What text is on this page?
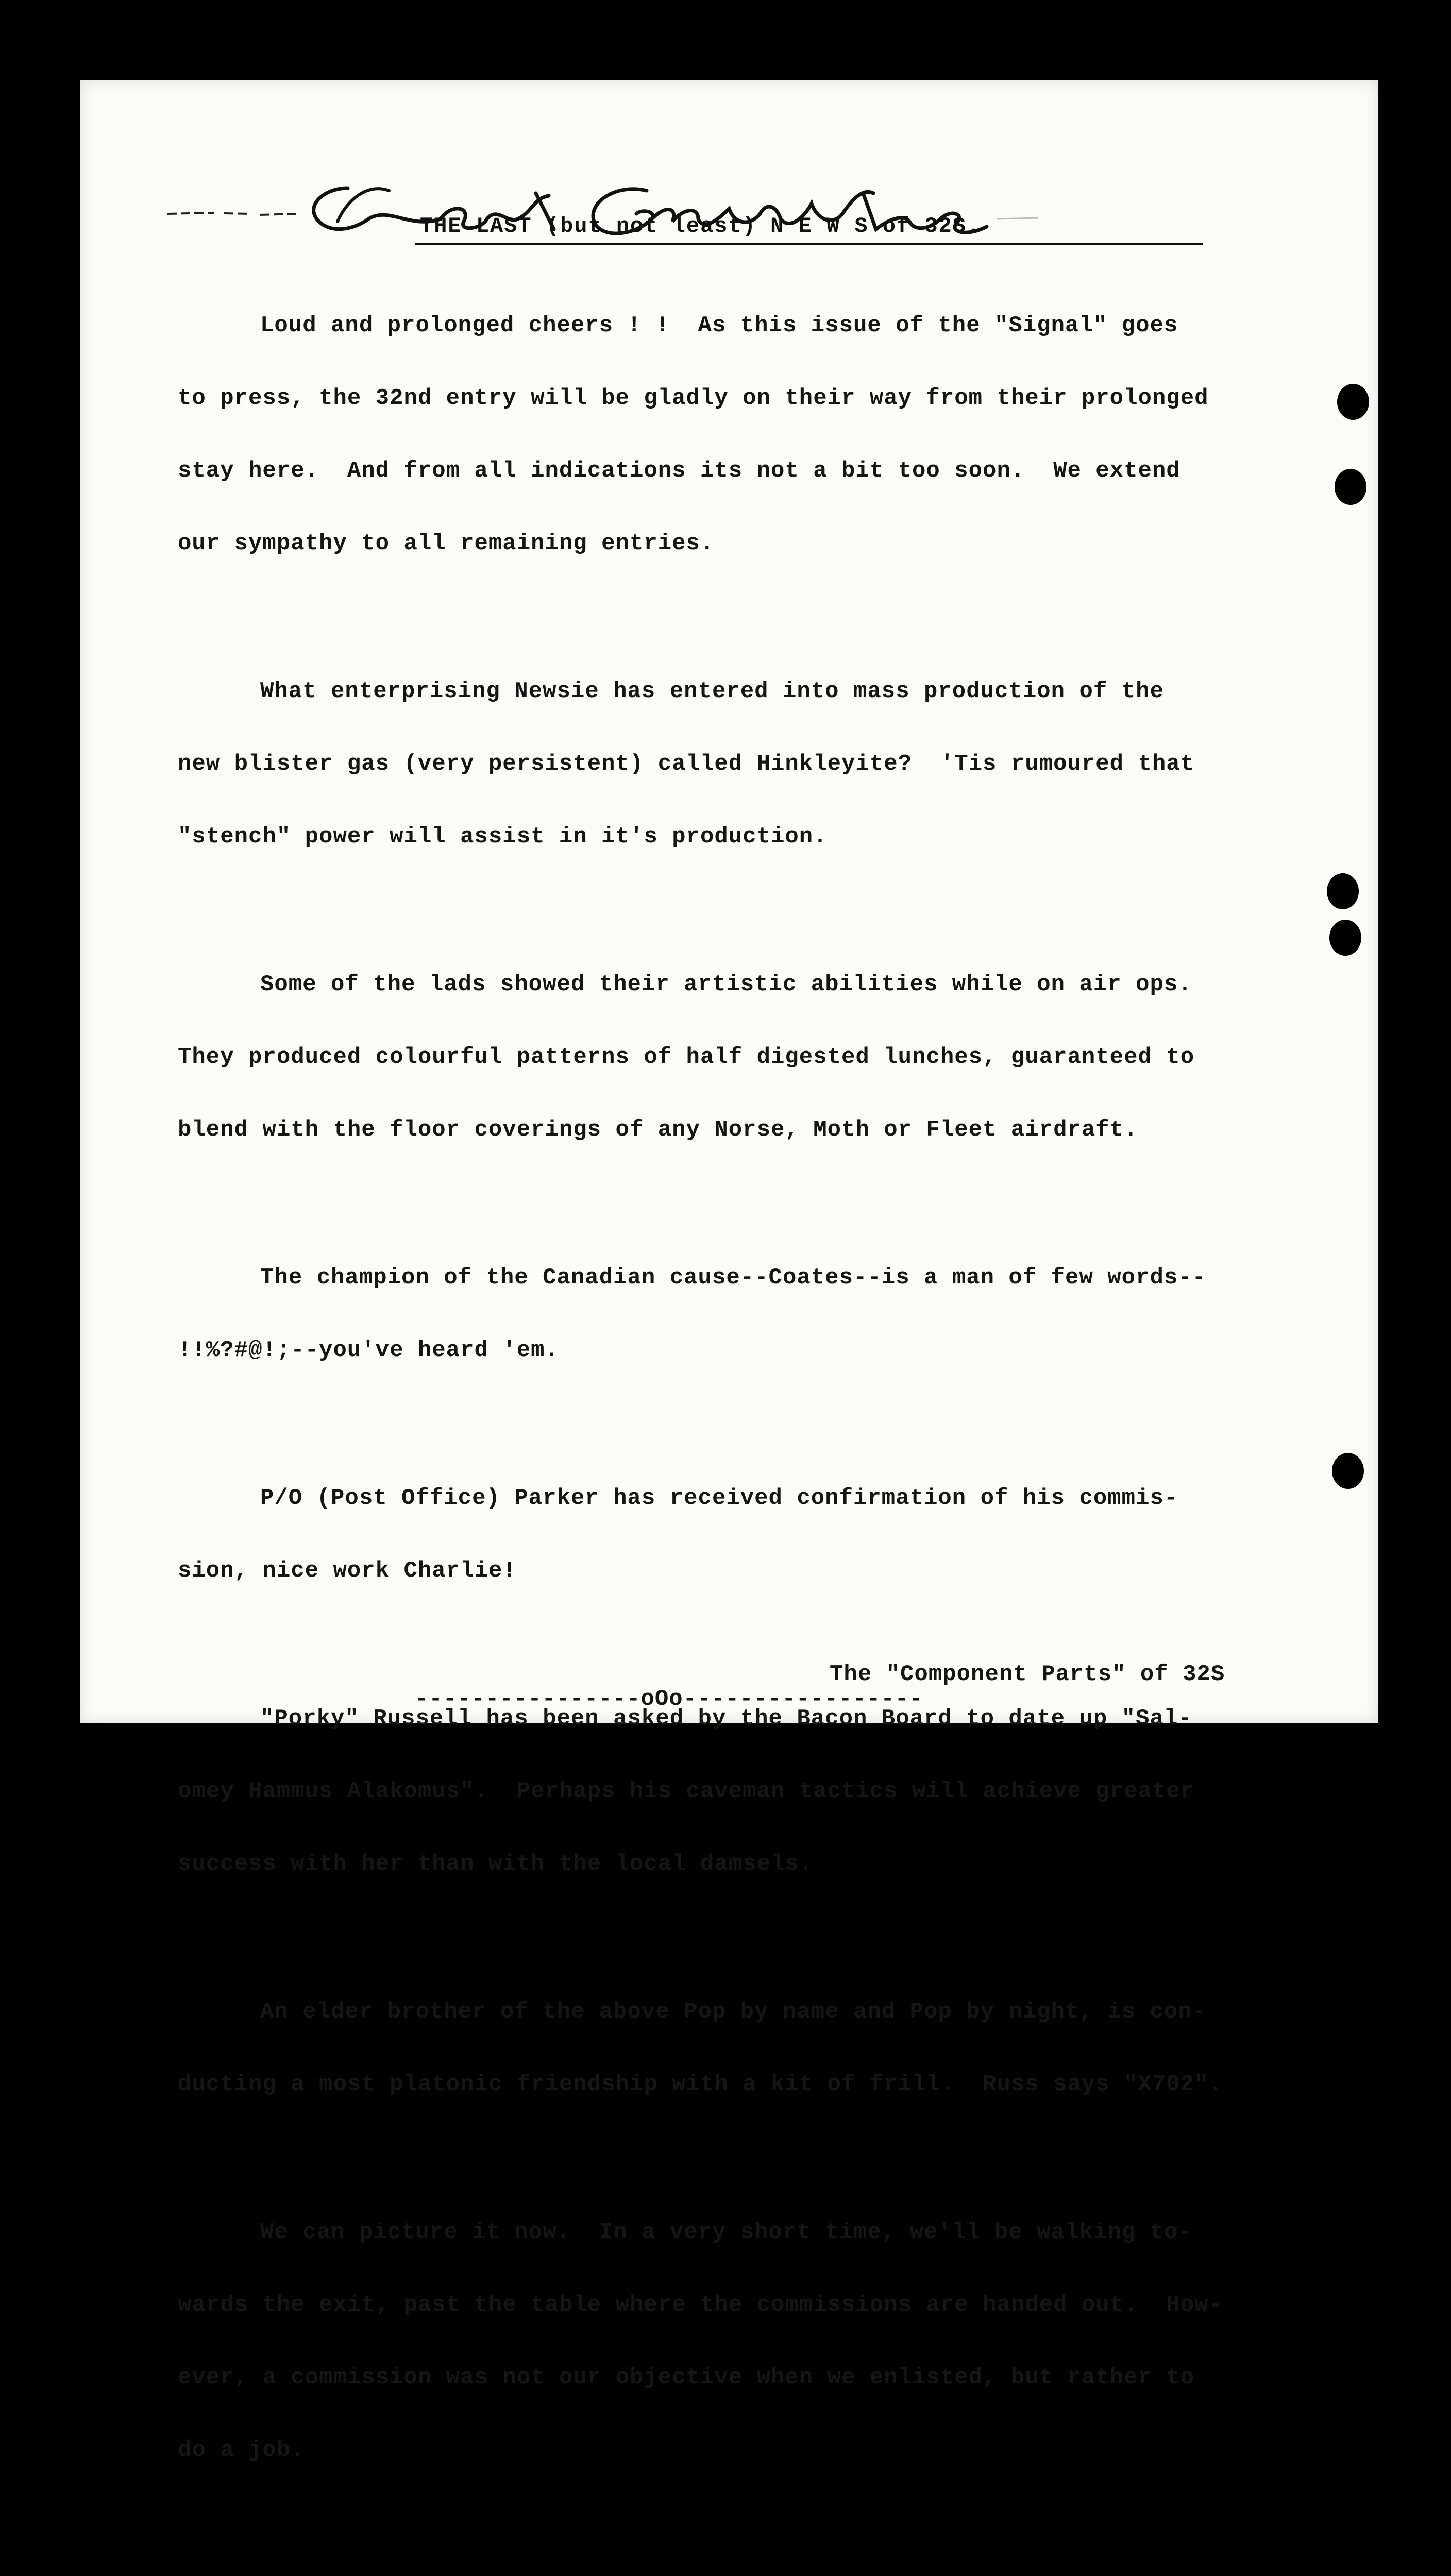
THE LAST (but not least) N E W S of 32S.

Loud and prolonged cheers ! !  As this issue of the "Signal" goes

to press, the 32nd entry will be gladly on their way from their prolonged

stay here.  And from all indications its not a bit too soon.  We extend

our sympathy to all remaining entries.

What enterprising Newsie has entered into mass production of the

new blister gas (very persistent) called Hinkleyite?  'Tis rumoured that

"stench" power will assist in it's production.

Some of the lads showed their artistic abilities while on air ops.

They produced colourful patterns of half digested lunches, guaranteed to

blend with the floor coverings of any Norse, Moth or Fleet airdraft.

The champion of the Canadian cause--Coates--is a man of few words--

!!%?#@!;--you've heard 'em.

P/O (Post Office) Parker has received confirmation of his commis-

sion, nice work Charlie!

"Porky" Russell has been asked by the Bacon Board to date up "Sal-

omey Hammus Alakomus".  Perhaps his caveman tactics will achieve greater

success with her than with the local damsels.

An elder brother of the above Pop by name and Pop by night, is con-

ducting a most platonic friendship with a kit of frill.  Russ says "X702".

We can picture it now.  In a very short time, we'll be walking to-

wards the exit, past the table where the commissions are handed out.  How-

ever, a commission was not our objective when we enlisted, but rather to

do a job.

The "Component Parts" of 32S
----------------oOo-----------------
